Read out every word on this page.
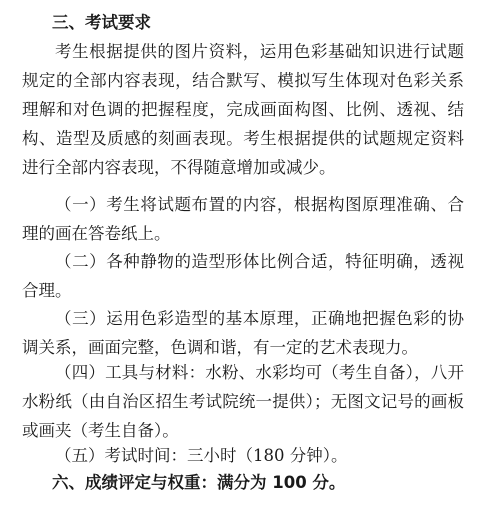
三、考试要求

考生根据提供的图片资料，运用色彩基础知识进行试题规定的全部内容表现，结合默写、模拟写生体现对色彩关系理解和对色调的把握程度，完成画面构图、比例、透视、结构、造型及质感的刻画表现。考生根据提供的试题规定资料进行全部内容表现，不得随意增加或减少。

（一）考生将试题布置的内容，根据构图原理准确、合理的画在答卷纸上。

（二）各种静物的造型形体比例合适，特征明确，透视合理。

（三）运用色彩造型的基本原理，正确地把握色彩的协调关系，画面完整，色调和谐，有一定的艺术表现力。

（四）工具与材料：水粉、水彩均可（考生自备），八开水粉纸（由自治区招生考试院统一提供）；无图文记号的画板或画夹（考生自备）。

（五）考试时间：三小时（180 分钟）。

六、成绩评定与权重：满分为 100 分。
